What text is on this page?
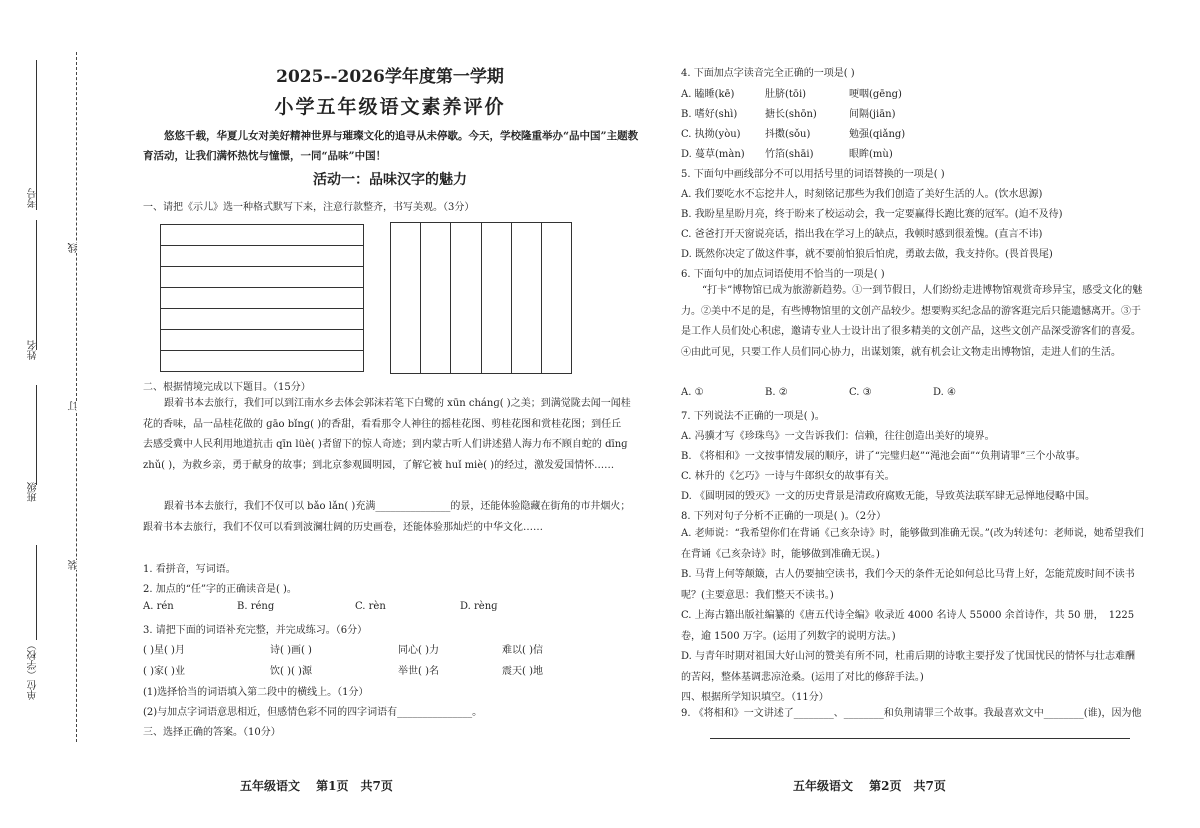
考号
姓名
班级
单位（学校）
线
订
装
2025--2026学年度第一学期
小学五年级语文素养评价
悠悠千载，华夏儿女对美好精神世界与璀璨文化的追寻从未停歇。今天，学校隆重举办“品中国”主题教育活动，让我们满怀热忱与憧憬，一同“品味”中国！
活动一：品味汉字的魅力
一、请把《示儿》选一种格式默写下来，注意行款整齐，书写美观。（3分）
二、根据情境完成以下题目。（15分）
跟着书本去旅行，我们可以到江南水乡去体会郭沫若笔下白鹭的 xūn chánɡ( )之美；到满觉陇去闻一闻桂花的香味，品一品桂花做的 ɡāo bǐnɡ( )的香甜，看看那令人神往的摇桂花图、剪桂花图和赏桂花图；到任丘去感受冀中人民利用地道抗击 qīn lüè( )者留下的惊人奇迹；到内蒙古听人们讲述猎人海力布不顾自蛇的 dīnɡ zhǔ( )，为救乡亲，勇于献身的故事；到北京参观圆明园，了解它被 huǐ miè( )的经过，激发爱国情怀……
跟着书本去旅行，我们不仅可以 bǎo lǎn( )充满_______________的景，还能体验隐藏在街角的市井烟火；跟着书本去旅行，我们不仅可以看到波澜壮阔的历史画卷，还能体验那灿烂的中华文化……
1. 看拼音，写词语。
2. 加点的“任”字的正确读音是( )。
A. rén	B. réng	C. rèn	D. rènɡ
3. 请把下面的词语补充完整，并完成练习。（6分）
( )星( )月	诗( )画( )	同心( )力	难以( )信
( )家( )业	饮( )( )源	举世( )名	震天( )地
(1)选择恰当的词语填入第二段中的横线上。（1分）
(2)与加点字词语意思相近，但感情色彩不同的四字词语有_______________。
三、选择正确的答案。（10分）
五年级语文　 第1页　共7页
4. 下面加点字读音完全正确的一项是( )
A. 瞌睡(kē)	肚脐(tōi)	哽咽(gēng)
B. 嗜好(shì)	搪长(shōn)	间隔(jiān)
C. 执拗(yòu) 抖擞(sǒu)	勉强(qiǎng)
D. 蔓草(màn) 竹箔(shāi)	眼眸(mù)
5. 下面句中画线部分不可以用括号里的词语替换的一项是( )
A. 我们要吃水不忘挖井人，时刻铭记那些为我们创造了美好生活的人。(饮水思源)
B. 我盼星星盼月亮，终于盼来了校运动会，我一定要赢得长跑比赛的冠军。(迫不及待)
C. 爸爸打开天窗说亮话，指出我在学习上的缺点，我顿时感到很羞愧。(直言不讳)
D. 既然你决定了做这件事，就不要前怕狼后怕虎，勇敢去做，我支持你。(畏首畏尾)
6. 下面句中的加点词语使用不恰当的一项是( )
“打卡”博物馆已成为旅游新趋势。①一到节假日，人们纷纷走进博物馆观赏奇珍异宝，感受文化的魅力。②美中不足的是，有些博物馆里的文创产品较少。想要购买纪念品的游客逛完后只能遗憾离开。③于是工作人员们处心积虑，邀请专业人士设计出了很多精美的文创产品，这些文创产品深受游客们的喜爱。④由此可见，只要工作人员们同心协力，出谋划策，就有机会让文物走出博物馆，走进人们的生活。
A. ①	B. ②	C. ③	D. ④
7. 下列说法不正确的一项是( )。
A. 冯骥才写《珍珠鸟》一文告诉我们：信赖，往往创造出美好的境界。
B. 《将相和》一文按事情发展的顺序，讲了“完璧归赵”“渑池会面”“负荆请罪”三个小故事。
C. 林升的《乞巧》一诗与牛郎织女的故事有关。
D. 《圆明园的毁灭》一文的历史背景是清政府腐败无能，导致英法联军肆无忌惮地侵略中国。
8. 下列对句子分析不正确的一项是( )。（2分）
A. 老师说：“我希望你们在背诵《己亥杂诗》时，能够做到准确无误。”(改为转述句：老师说，她希望我们在背诵《己亥杂诗》时，能够做到准确无误。)
B. 马背上何等颠簸，古人仍要抽空读书，我们今天的条件无论如何总比马背上好，怎能荒废时间不读书呢？(主要意思：我们整天不读书。)
C. 上海古籍出版社编纂的《唐五代诗全编》收录近 4000 名诗人 55000 余首诗作，共 50 册，　1225 卷，逾 1500 万字。(运用了列数字的说明方法。)
D. 与青年时期对祖国大好山河的赞美有所不同，杜甫后期的诗歌主要抒发了忧国忧民的情怀与壮志难酬的苦闷，整体基调悲凉沧桑。(运用了对比的修辞手法。)
四、根据所学知识填空。（11分）
9. 《将相和》一文讲述了________、________和负荆请罪三个故事。我最喜欢文中________(谁)，因为他
五年级语文　 第2页　共7页
